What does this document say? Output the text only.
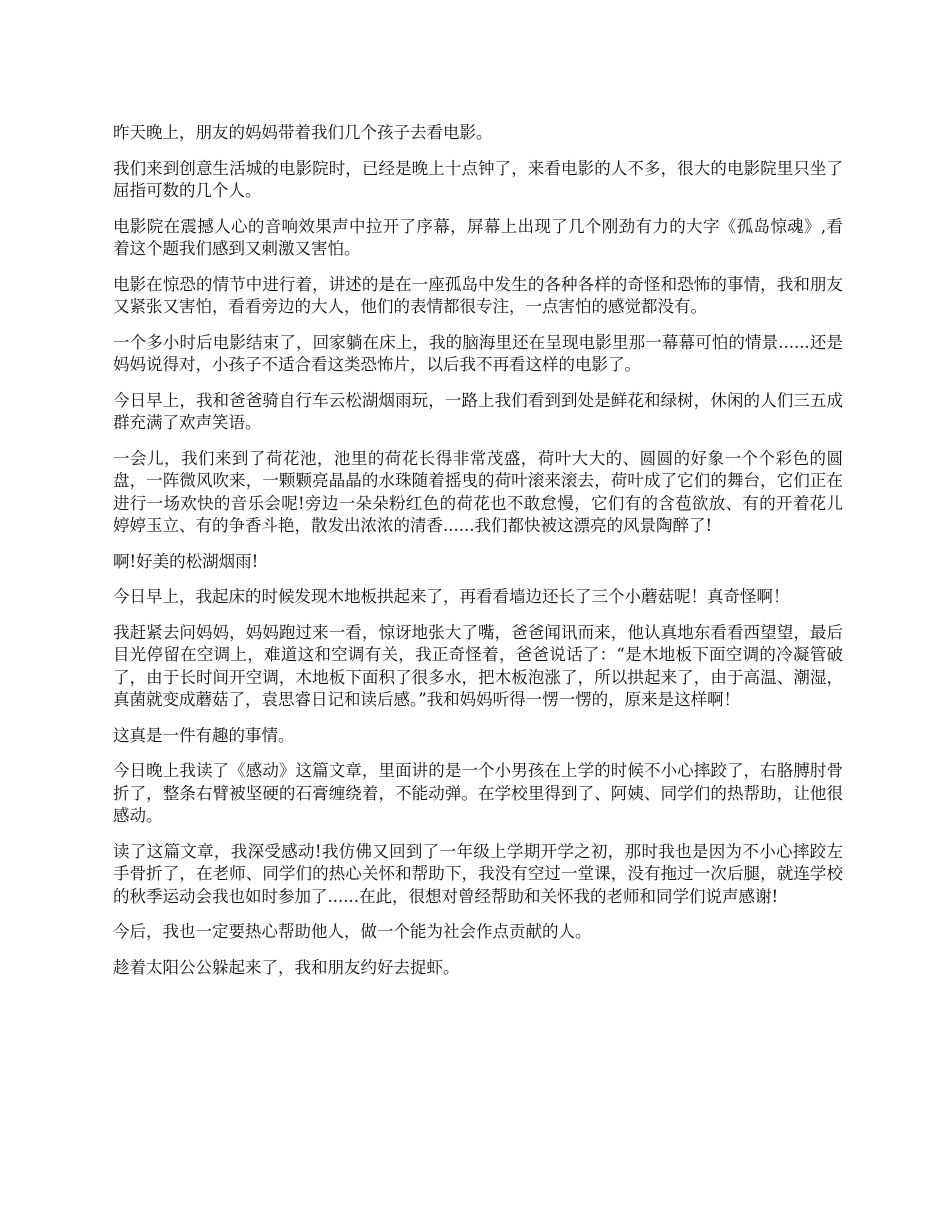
昨天晚上，朋友的妈妈带着我们几个孩子去看电影。

我们来到创意生活城的电影院时，已经是晚上十点钟了，来看电影的人不多，很大的电影院里只坐了屈指可数的几个人。

电影院在震撼人心的音响效果声中拉开了序幕，屏幕上出现了几个刚劲有力的大字《孤岛惊魂》,看着这个题我们感到又刺激又害怕。

电影在惊恐的情节中进行着，讲述的是在一座孤岛中发生的各种各样的奇怪和恐怖的事情，我和朋友又紧张又害怕，看看旁边的大人，他们的表情都很专注，一点害怕的感觉都没有。

一个多小时后电影结束了，回家躺在床上，我的脑海里还在呈现电影里那一幕幕可怕的情景......还是妈妈说得对，小孩子不适合看这类恐怖片，以后我不再看这样的电影了。

今日早上，我和爸爸骑自行车云松湖烟雨玩，一路上我们看到到处是鲜花和绿树，休闲的人们三五成群充满了欢声笑语。

一会儿，我们来到了荷花池，池里的荷花长得非常茂盛，荷叶大大的、圆圆的好象一个个彩色的圆盘，一阵微风吹来，一颗颗亮晶晶的水珠随着摇曳的荷叶滚来滚去，荷叶成了它们的舞台，它们正在进行一场欢快的音乐会呢!旁边一朵朵粉红色的荷花也不敢怠慢，它们有的含苞欲放、有的开着花儿婷婷玉立、有的争香斗艳，散发出浓浓的清香......我们都快被这漂亮的风景陶醉了!

啊!好美的松湖烟雨!

今日早上，我起床的时候发现木地板拱起来了，再看看墙边还长了三个小蘑菇呢！真奇怪啊！

我赶紧去问妈妈，妈妈跑过来一看，惊讶地张大了嘴，爸爸闻讯而来，他认真地东看看西望望，最后目光停留在空调上，难道这和空调有关，我正奇怪着，爸爸说话了：“是木地板下面空调的冷凝管破了，由于长时间开空调，木地板下面积了很多水，把木板泡涨了，所以拱起来了，由于高温、潮湿，真菌就变成蘑菇了，袁思睿日记和读后感。”我和妈妈听得一愣一愣的，原来是这样啊！

这真是一件有趣的事情。

今日晚上我读了《感动》这篇文章，里面讲的是一个小男孩在上学的时候不小心摔跤了，右胳膊肘骨折了，整条右臂被坚硬的石膏缠绕着，不能动弹。在学校里得到了、阿姨、同学们的热帮助，让他很感动。

读了这篇文章，我深受感动!我仿佛又回到了一年级上学期开学之初，那时我也是因为不小心摔跤左手骨折了，在老师、同学们的热心关怀和帮助下，我没有空过一堂课，没有拖过一次后腿，就连学校的秋季运动会我也如时参加了......在此，很想对曾经帮助和关怀我的老师和同学们说声感谢!

今后，我也一定要热心帮助他人，做一个能为社会作点贡献的人。

趁着太阳公公躲起来了，我和朋友约好去捉虾。
